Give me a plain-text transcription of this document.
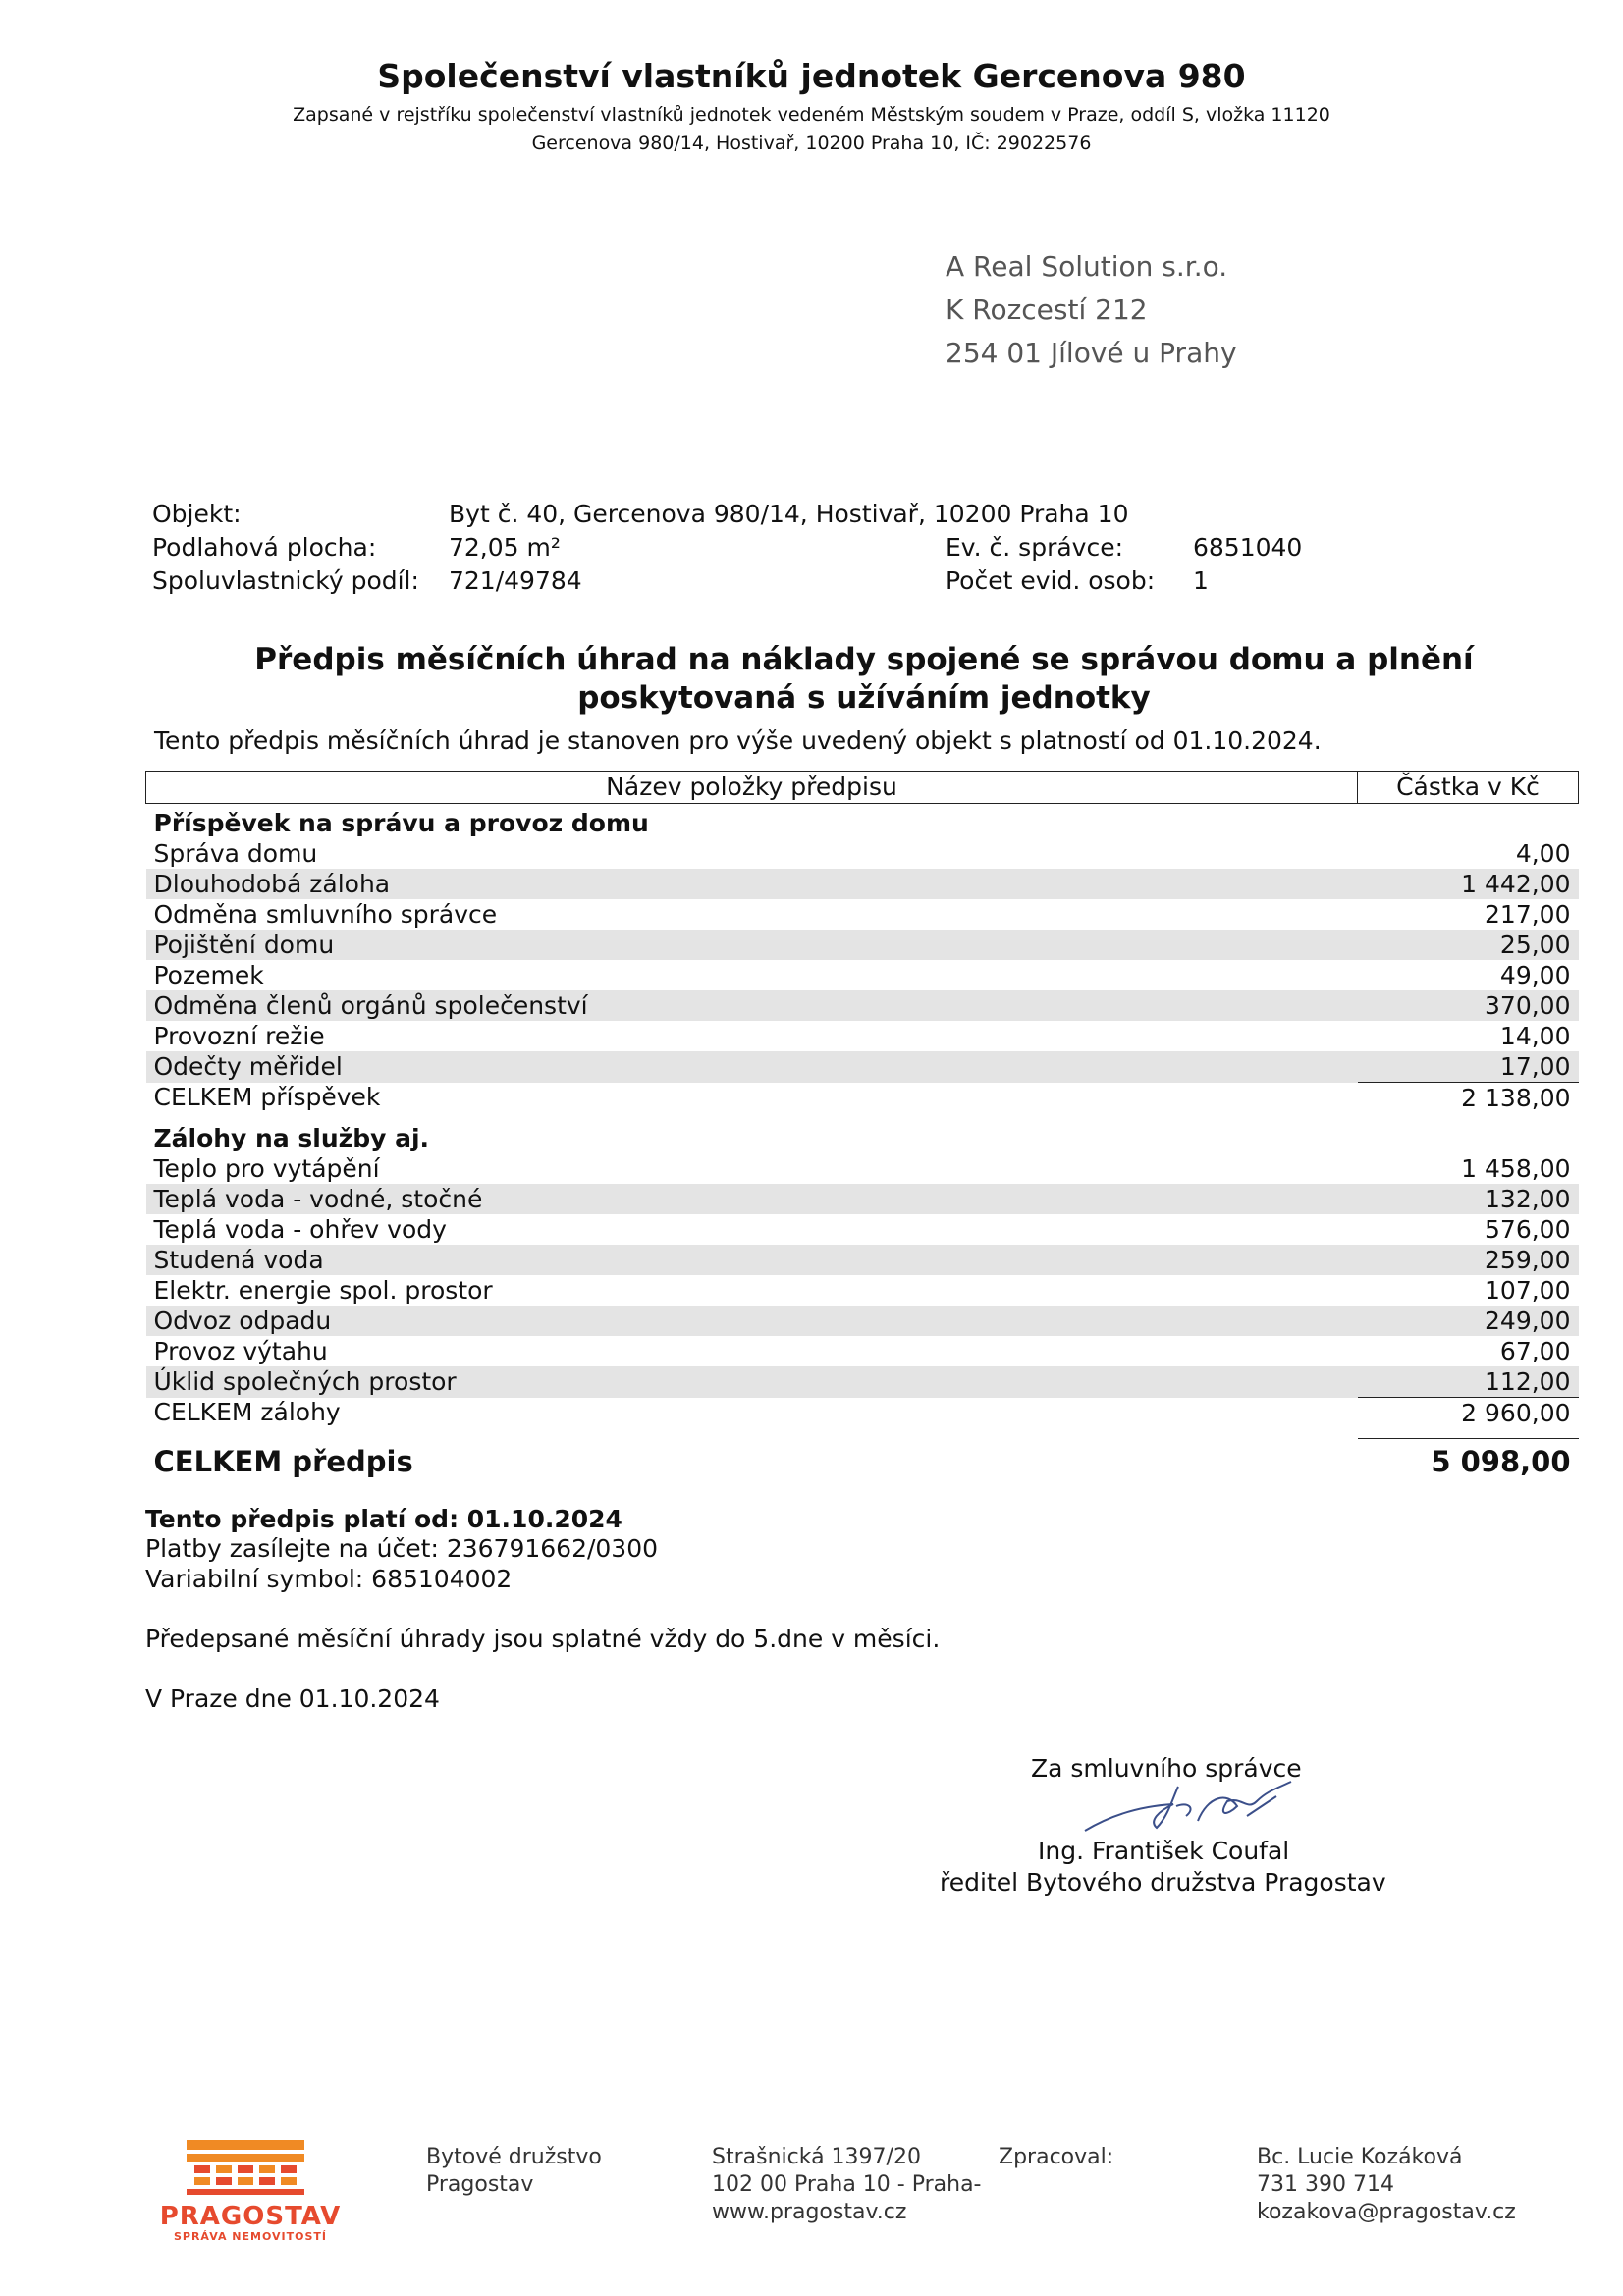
Společenství vlastníků jednotek Gercenova 980
Zapsané v rejstříku společenství vlastníků jednotek vedeném Městským soudem v Praze, oddíl S, vložka 11120
Gercenova 980/14, Hostivař, 10200 Praha 10, IČ: 29022576
A Real Solution s.r.o.
K Rozcestí 212
254 01 Jílové u Prahy
Objekt:	Byt č. 40, Gercenova 980/14, Hostivař, 10200 Praha 10
Podlahová plocha:	72,05 m²	Ev. č. správce:	6851040
Spoluvlastnický podíl: 721/49784	Počet evid. osob: 1
Předpis měsíčních úhrad na náklady spojené se správou domu a plnění
poskytovaná s užíváním jednotky
Tento předpis měsíčních úhrad je stanoven pro výše uvedený objekt s platností od 01.10.2024.
Název položky předpisu	Částka v Kč
Příspěvek na správu a provoz domu	
Správa domu	4,00
Dlouhodobá záloha	1 442,00
Odměna smluvního správce	217,00
Pojištění domu	25,00
Pozemek	49,00
Odměna členů orgánů společenství	370,00
Provozní režie	14,00
Odečty měřidel	17,00
CELKEM příspěvek	2 138,00
Zálohy na služby aj.	
Teplo pro vytápění	1 458,00
Teplá voda - vodné, stočné	132,00
Teplá voda - ohřev vody	576,00
Studená voda	259,00
Elektr. energie spol. prostor	107,00
Odvoz odpadu	249,00
Provoz výtahu	67,00
Úklid společných prostor	112,00
CELKEM zálohy	2 960,00

CELKEM předpis	5 098,00
Tento předpis platí od: 01.10.2024
Platby zasílejte na účet: 236791662/0300
Variabilní symbol: 685104002
Předepsané měsíční úhrady jsou splatné vždy do 5.dne v měsíci.
V Praze dne 01.10.2024
Za smluvního správce
Ing. František Coufal
ředitel Bytového družstva Pragostav
PRAGOSTAV
SPRÁVA NEMOVITOSTÍ
Bytové družstvo
Pragostav
Strašnická 1397/20
102 00 Praha 10 - Praha-
www.pragostav.cz
Zpracoval:	Bc. Lucie Kozáková
731 390 714
kozakova@pragostav.cz
